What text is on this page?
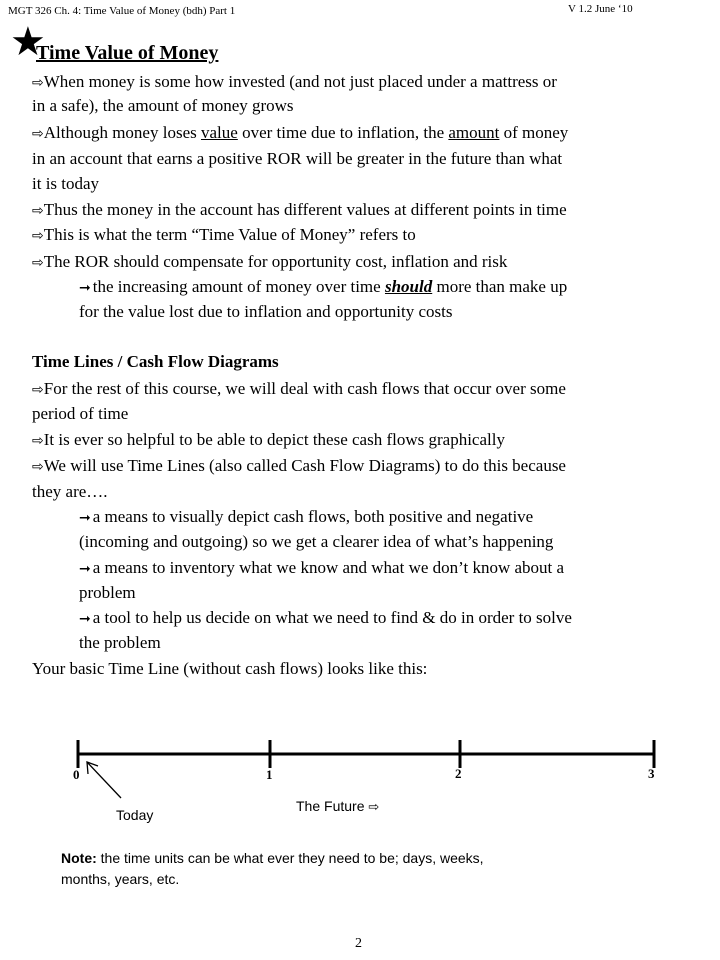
MGT 326 Ch. 4: Time Value of Money (bdh) Part 1	V 1.2 June ‘10
★
Time Value of Money
⇨When money is some how invested (and not just placed under a mattress or
in a safe), the amount of money grows
⇨Although money loses value over time due to inflation, the amount of money
in an account that earns a positive ROR will be greater in the future than what
it is today
⇨Thus the money in the account has different values at different points in time
⇨This is what the term “Time Value of Money” refers to
⇨The ROR should compensate for opportunity cost, inflation and risk
➞ the increasing amount of money over time should more than make up
for the value lost due to inflation and opportunity costs
Time Lines / Cash Flow Diagrams
⇨For the rest of this course, we will deal with cash flows that occur over some
period of time
⇨It is ever so helpful to be able to depict these cash flows graphically
⇨We will use Time Lines (also called Cash Flow Diagrams) to do this because
they are….
➞ a means to visually depict cash flows, both positive and negative
(incoming and outgoing) so we get a clearer idea of what’s happening
➞ a means to inventory what we know and what we don’t know about a
problem
➞ a tool to help us decide on what we need to find & do in order to solve
the problem
Your basic Time Line (without cash flows) looks like this:
0	1	2	3
Today
The Future ⇨
Note: the time units can be what ever they need to be; days, weeks,
months, years, etc.
2
